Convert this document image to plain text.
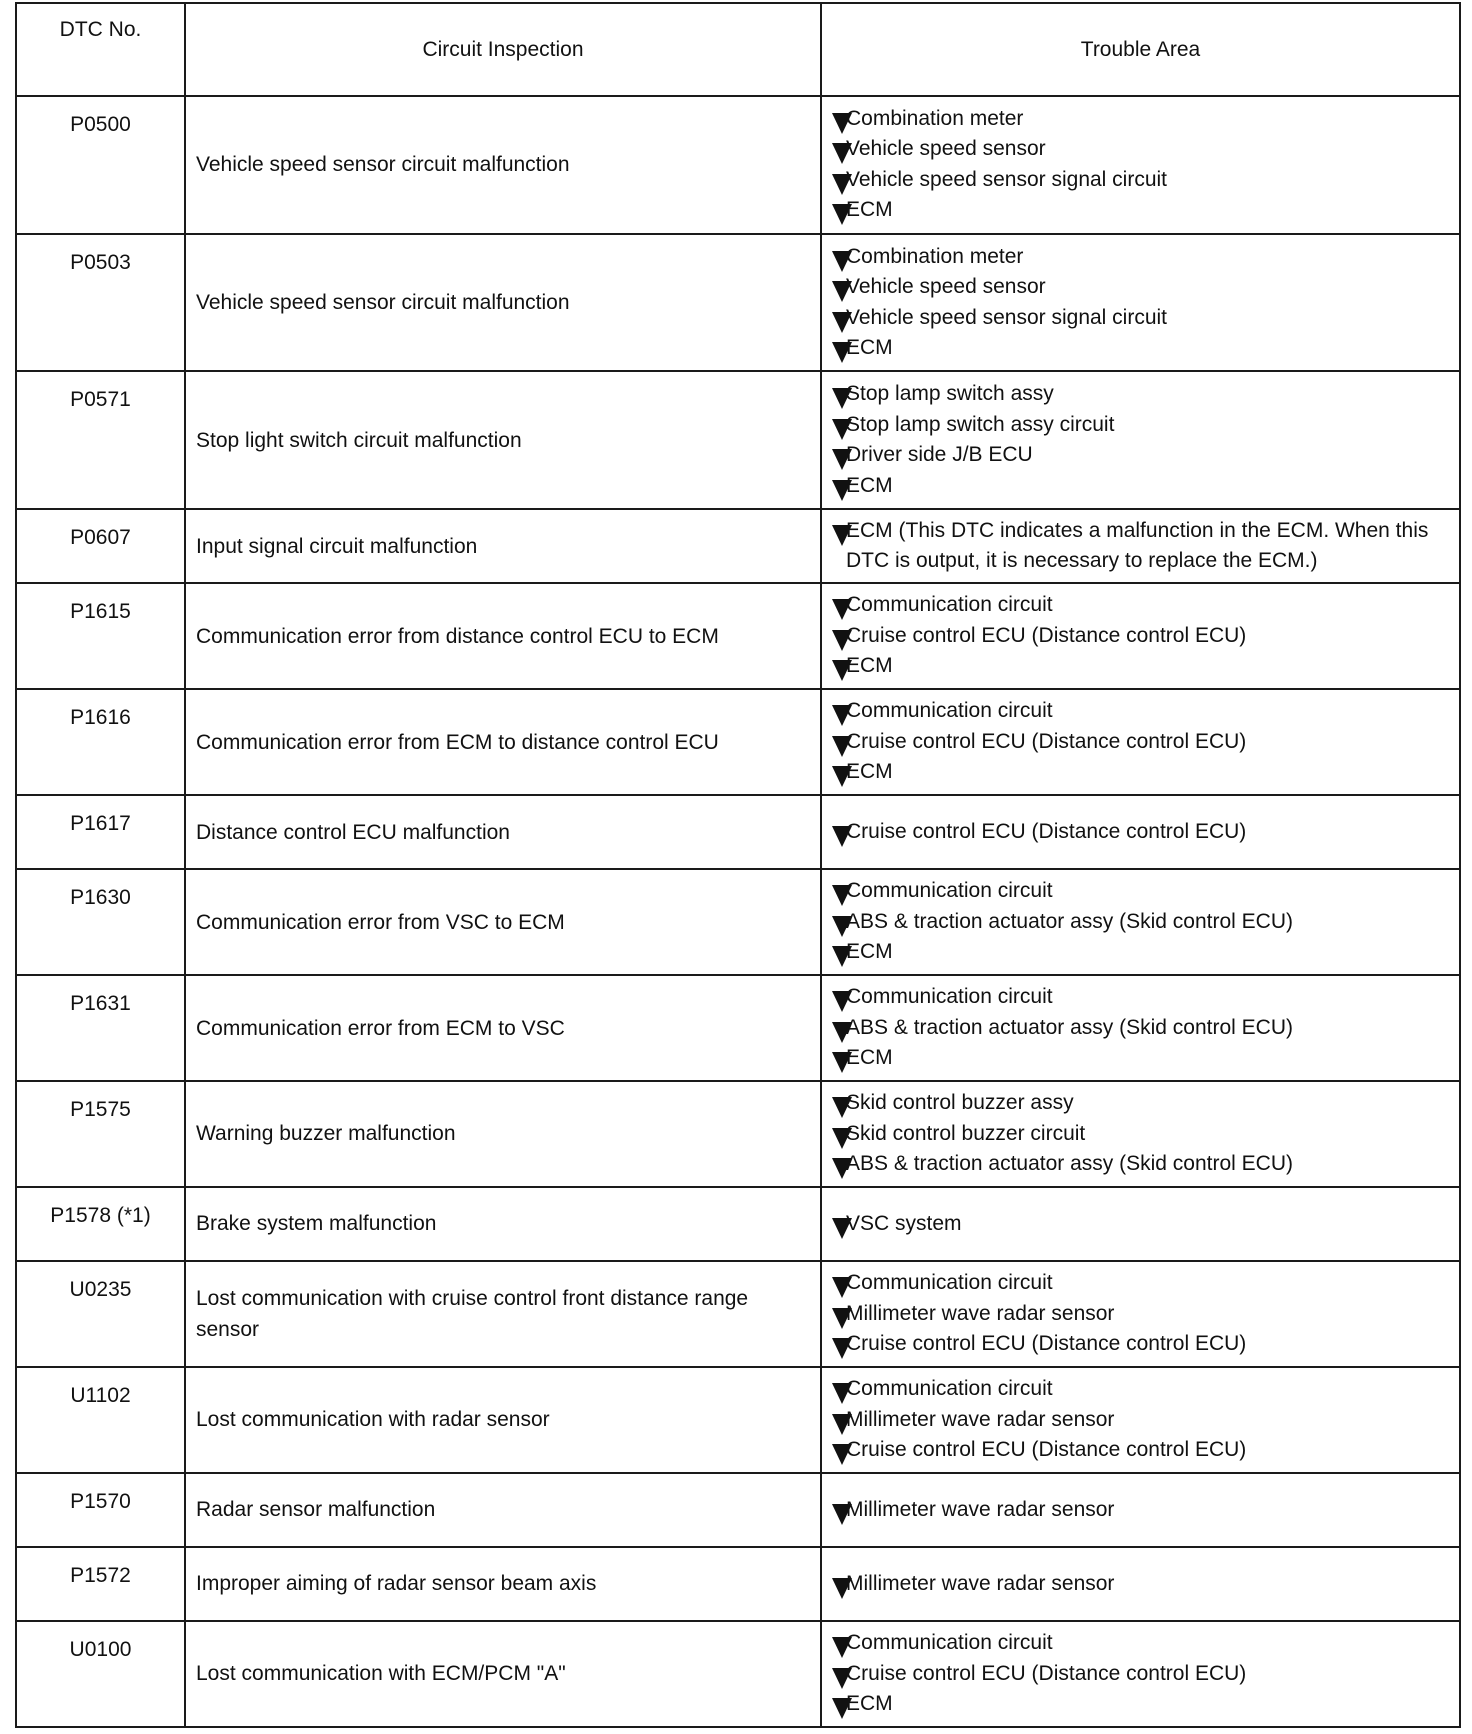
DTC No.	Circuit Inspection	Trouble Area
P0500	Vehicle speed sensor circuit malfunction	Combination meter
Vehicle speed sensor
Vehicle speed sensor signal circuit
ECM

P0503	Vehicle speed sensor circuit malfunction	Combination meter
Vehicle speed sensor
Vehicle speed sensor signal circuit
ECM

P0571	Stop light switch circuit malfunction	Stop lamp switch assy
Stop lamp switch assy circuit
Driver side J/B ECU
ECM

P0607	Input signal circuit malfunction	ECM (This DTC indicates a malfunction in the ECM. When this DTC is output, it is necessary to replace the ECM.)

P1615	Communication error from distance control ECU to ECM	Communication circuit
Cruise control ECU (Distance control ECU)
ECM

P1616	Communication error from ECM to distance control ECU	Communication circuit
Cruise control ECU (Distance control ECU)
ECM

P1617	Distance control ECU malfunction	Cruise control ECU (Distance control ECU)

P1630	Communication error from VSC to ECM	Communication circuit
ABS & traction actuator assy (Skid control ECU)
ECM

P1631	Communication error from ECM to VSC	Communication circuit
ABS & traction actuator assy (Skid control ECU)
ECM

P1575	Warning buzzer malfunction	Skid control buzzer assy
Skid control buzzer circuit
ABS & traction actuator assy (Skid control ECU)

P1578 (*1)	Brake system malfunction	VSC system

U0235	Lost communication with cruise control front distance range sensor	Communication circuit
Millimeter wave radar sensor
Cruise control ECU (Distance control ECU)

U1102	Lost communication with radar sensor	Communication circuit
Millimeter wave radar sensor
Cruise control ECU (Distance control ECU)

P1570	Radar sensor malfunction	Millimeter wave radar sensor

P1572	Improper aiming of radar sensor beam axis	Millimeter wave radar sensor

U0100	Lost communication with ECM/PCM "A"	Communication circuit
Cruise control ECU (Distance control ECU)
ECM
